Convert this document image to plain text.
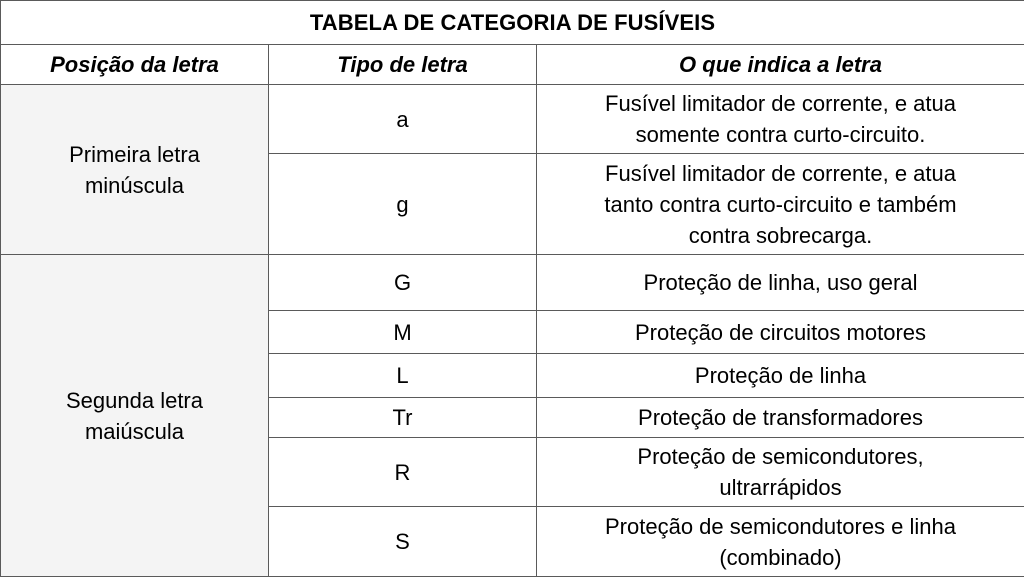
TABELA DE CATEGORIA DE FUSÍVEIS		
Posição da letra	Tipo de letra	O que indica a letra

Primeira letra
minúscula	a	Fusível limitador de corrente, e atua
somente contra curto-circuito.

	g	Fusível limitador de corrente, e atua
tanto contra curto-circuito e também
contra sobrecarga.

Segunda letra
maiúscula	G	Proteção de linha, uso geral

	M	Proteção de circuitos motores

	L	Proteção de linha

	Tr	Proteção de transformadores

	R	Proteção de semicondutores,
ultrarrápidos

	S	Proteção de semicondutores e linha
(combinado)
